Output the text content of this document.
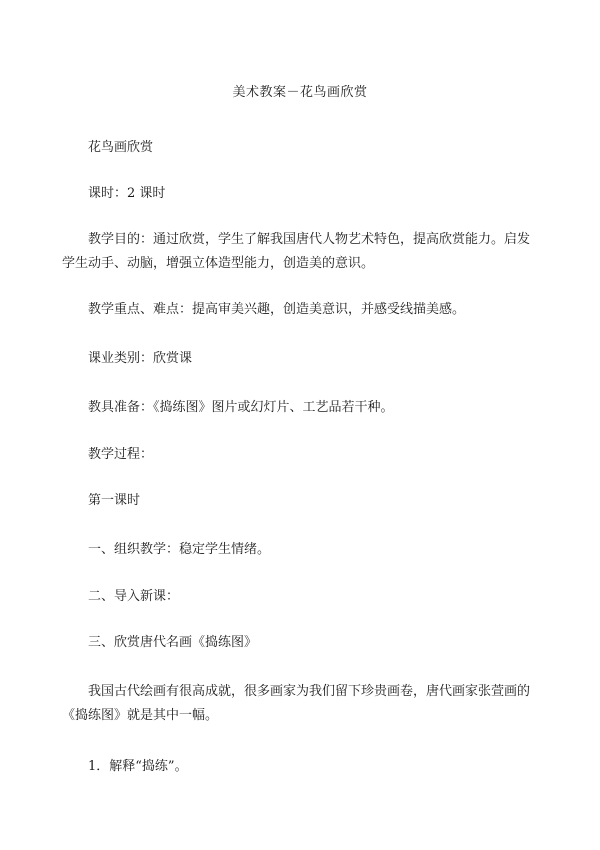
美术教案－花鸟画欣赏
花鸟画欣赏
课时：2 课时
教学目的：通过欣赏，学生了解我国唐代人物艺术特色，提高欣赏能力。启发
学生动手、动脑，增强立体造型能力，创造美的意识。
教学重点、难点：提高审美兴趣，创造美意识，并感受线描美感。
课业类别：欣赏课
教具准备：《捣练图》图片或幻灯片、工艺品若干种。
教学过程：
第一课时
一、组织教学：稳定学生情绪。
二、导入新课：
三、欣赏唐代名画《捣练图》
我国古代绘画有很高成就，很多画家为我们留下珍贵画卷，唐代画家张萱画的
《捣练图》就是其中一幅。
1．解释“捣练”。
